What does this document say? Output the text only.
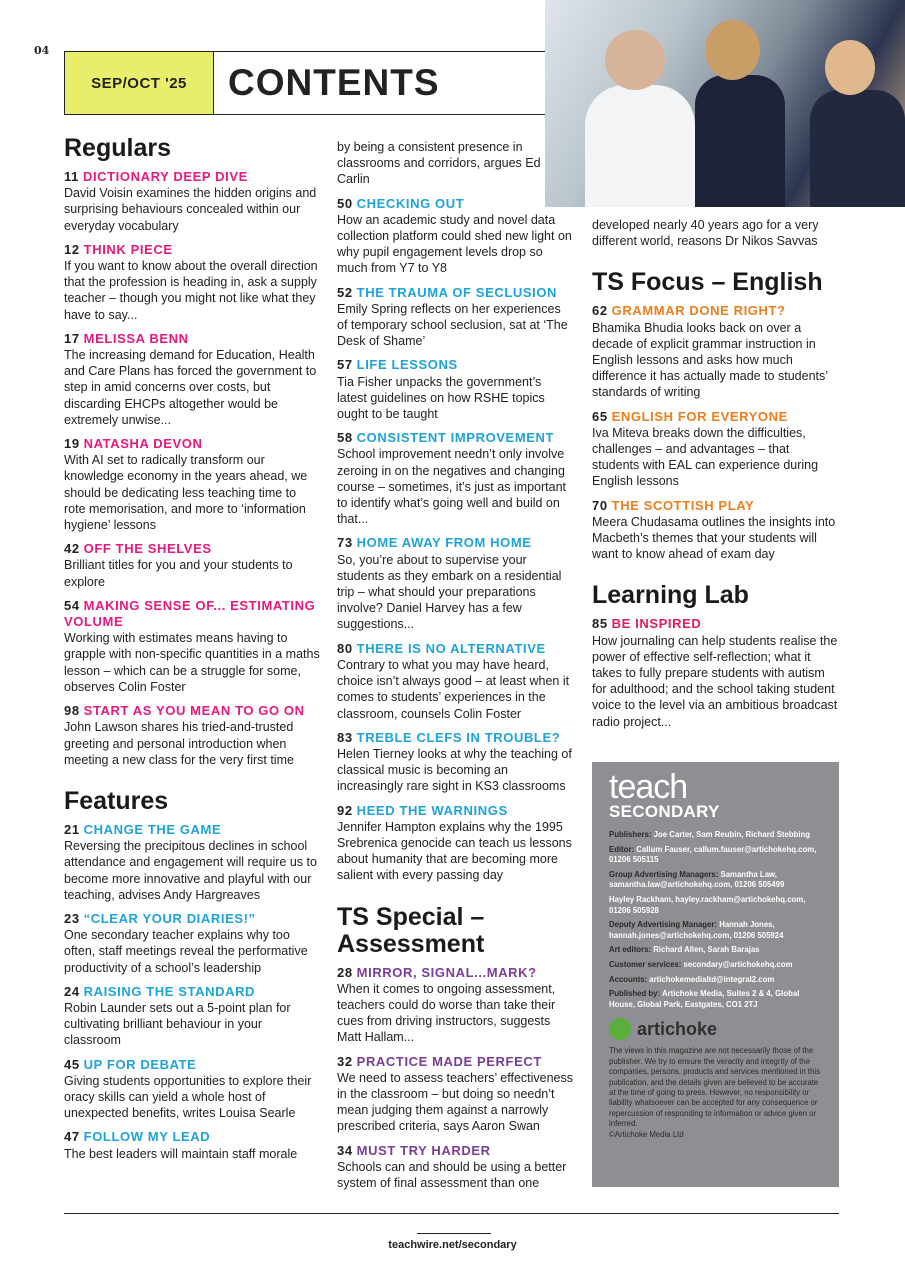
04
SEP/OCT '25	CONTENTS
Regulars
11 DICTIONARY DEEP DIVE
David Voisin examines the hidden origins and surprising behaviours concealed within our everyday vocabulary
12 THINK PIECE
If you want to know about the overall direction that the profession is heading in, ask a supply teacher – though you might not like what they have to say...
17 MELISSA BENN
The increasing demand for Education, Health and Care Plans has forced the government to step in amid concerns over costs, but discarding EHCPs altogether would be extremely unwise...
19 NATASHA DEVON
With AI set to radically transform our knowledge economy in the years ahead, we should be dedicating less teaching time to rote memorisation, and more to ‘information hygiene’ lessons
42 OFF THE SHELVES
Brilliant titles for you and your students to explore
54 MAKING SENSE OF... ESTIMATING VOLUME
Working with estimates means having to grapple with non-specific quantities in a maths lesson – which can be a struggle for some, observes Colin Foster
98 START AS YOU MEAN TO GO ON
John Lawson shares his tried-and-trusted greeting and personal introduction when meeting a new class for the very first time
Features
21 CHANGE THE GAME
Reversing the precipitous declines in school attendance and engagement will require us to become more innovative and playful with our teaching, advises Andy Hargreaves
23 “CLEAR YOUR DIARIES!”
One secondary teacher explains why too often, staff meetings reveal the performative productivity of a school’s leadership
24 RAISING THE STANDARD
Robin Launder sets out a 5-point plan for cultivating brilliant behaviour in your classroom
45 UP FOR DEBATE
Giving students opportunities to explore their oracy skills can yield a whole host of unexpected benefits, writes Louisa Searle
47 FOLLOW MY LEAD
The best leaders will maintain staff morale
by being a consistent presence in classrooms and corridors, argues Ed Carlin
50 CHECKING OUT
How an academic study and novel data collection platform could shed new light on why pupil engagement levels drop so much from Y7 to Y8
52 THE TRAUMA OF SECLUSION
Emily Spring reflects on her experiences of temporary school seclusion, sat at ‘The Desk of Shame’
57 LIFE LESSONS
Tia Fisher unpacks the government’s latest guidelines on how RSHE topics ought to be taught
58 CONSISTENT IMPROVEMENT
School improvement needn’t only involve zeroing in on the negatives and changing course – sometimes, it’s just as important to identify what’s going well and build on that...
73 HOME AWAY FROM HOME
So, you’re about to supervise your students as they embark on a residential trip – what should your preparations involve? Daniel Harvey has a few suggestions...
80 THERE IS NO ALTERNATIVE
Contrary to what you may have heard, choice isn’t always good – at least when it comes to students’ experiences in the classroom, counsels Colin Foster
83 TREBLE CLEFS IN TROUBLE?
Helen Tierney looks at why the teaching of classical music is becoming an increasingly rare sight in KS3 classrooms
92 HEED THE WARNINGS
Jennifer Hampton explains why the 1995 Srebrenica genocide can teach us lessons about humanity that are becoming more salient with every passing day
TS Special – Assessment
28 MIRROR, SIGNAL...MARK?
When it comes to ongoing assessment, teachers could do worse than take their cues from driving instructors, suggests Matt Hallam...
32 PRACTICE MADE PERFECT
We need to assess teachers’ effectiveness in the classroom – but doing so needn’t mean judging them against a narrowly prescribed criteria, says Aaron Swan
34 MUST TRY HARDER
Schools can and should be using a better system of final assessment than one
developed nearly 40 years ago for a very different world, reasons Dr Nikos Savvas
TS Focus – English
62 GRAMMAR DONE RIGHT?
Bhamika Bhudia looks back on over a decade of explicit grammar instruction in English lessons and asks how much difference it has actually made to students’ standards of writing
65 ENGLISH FOR EVERYONE
Iva Miteva breaks down the difficulties, challenges – and advantages – that students with EAL can experience during English lessons
70 THE SCOTTISH PLAY
Meera Chudasama outlines the insights into Macbeth’s themes that your students will want to know ahead of exam day
Learning Lab
85 BE INSPIRED
How journaling can help students realise the power of effective self-reflection; what it takes to fully prepare students with autism for adulthood; and the school taking student voice to the level via an ambitious broadcast radio project...
teach
SECONDARY
Publishers: Joe Carter, Sam Reubin, Richard Stebbing
Editor: Callum Fauser, callum.fauser@artichokehq.com, 01206 505115
Group Advertising Managers: Samantha Law, samantha.law@artichokehq.com, 01206 505499
Hayley Rackham, hayley.rackham@artichokehq.com, 01206 505928
Deputy Advertising Manager: Hannah Jones, hannah.jones@artichokehq.com, 01206 505924
Art editors: Richard Allen, Sarah Barajas
Customer services: secondary@artichokehq.com
Accounts: artichokemedialtd@integral2.com
Published by: Artichoke Media, Suites 2 & 4, Global House, Global Park, Eastgates, CO1 2TJ
artichoke
The views in this magazine are not necessarily those of the publisher. We try to ensure the veracity and integrity of the companies, persons, products and services mentioned in this publication, and the details given are believed to be accurate at the time of going to press. However, no responsibility or liability whatsoever can be accepted for any consequence or repercussion of responding to information or advice given or inferred.
©Artichoke Media Ltd
teachwire.net/secondary
